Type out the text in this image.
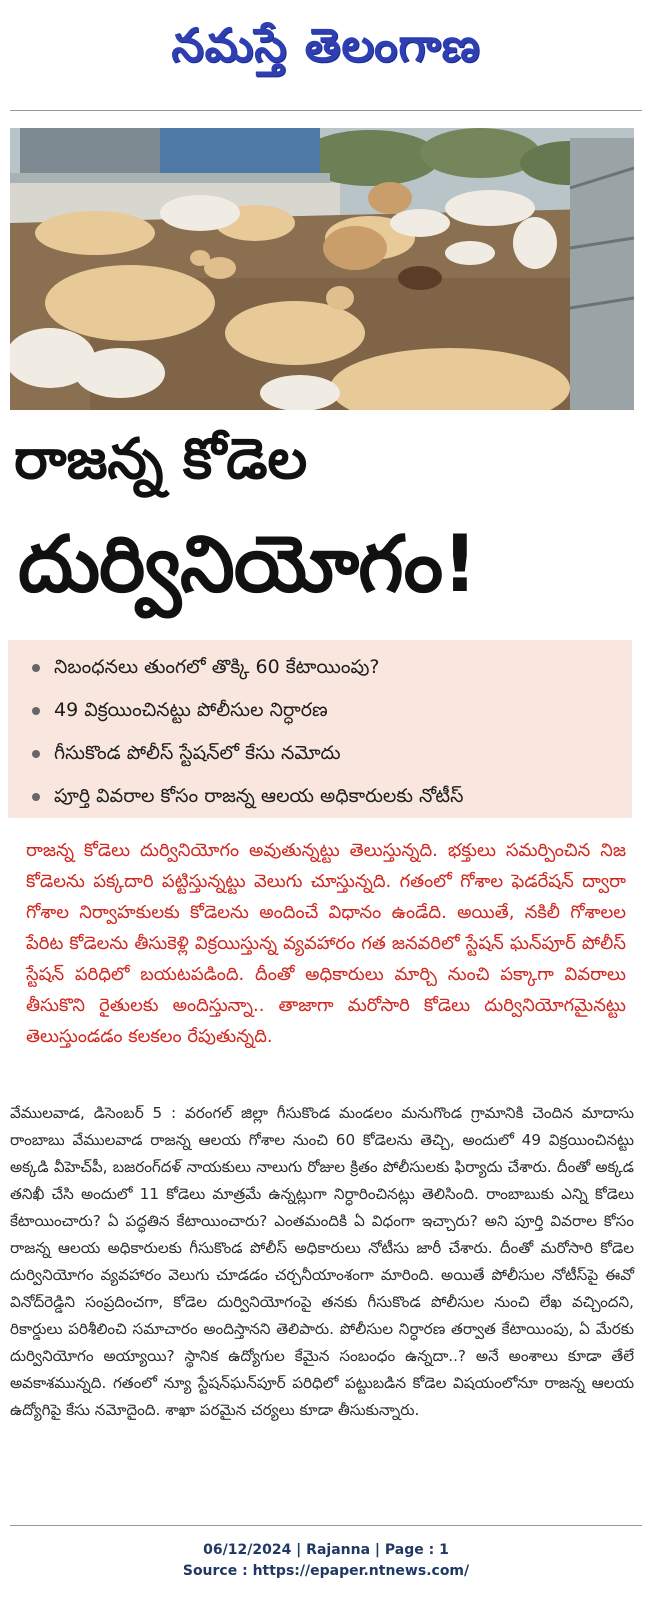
నమస్తే తెలంగాణ
రాజన్న కోడెల
దుర్వినియోగం!
నిబంధనలు తుంగలో తొక్కి 60 కేటాయింపు?
49 విక్రయించినట్టు పోలీసుల నిర్ధారణ
గీసుకొండ పోలీస్ స్టేషన్‌లో కేసు నమోదు
పూర్తి వివరాల కోసం రాజన్న ఆలయ అధికారులకు నోటీస్
రాజన్న కోడెలు దుర్వినియోగం అవుతున్నట్టు తెలుస్తున్నది. భక్తులు సమర్పించిన నిజ కోడెలను పక్కదారి పట్టిస్తున్నట్టు వెలుగు చూస్తున్నది. గతంలో గోశాల ఫెడరేషన్ ద్వారా గోశాల నిర్వాహకులకు కోడెలను అందించే విధానం ఉండేది. అయితే, నకిలీ గోశాలల పేరిట కోడెలను తీసుకెళ్లి విక్రయిస్తున్న వ్యవహారం గత జనవరిలో స్టేషన్ ఘన్‌పూర్ పోలీస్ స్టేషన్ పరిధిలో బయటపడింది. దీంతో అధికారులు మార్చి నుంచి పక్కాగా వివరాలు తీసుకొని రైతులకు అందిస్తున్నా.. తాజాగా మరోసారి కోడెలు దుర్వినియోగమైనట్టు తెలుస్తుండడం కలకలం రేపుతున్నది.
వేములవాడ, డిసెంబర్ 5 : వరంగల్ జిల్లా గీసుకొండ మండలం మనుగొండ గ్రామానికి చెందిన మాదాసు రాంబాబు వేములవాడ రాజన్న ఆలయ గోశాల నుంచి 60 కోడెలను తెచ్చి, అందులో 49 విక్రయించినట్టు అక్కడి వీహెచ్‌పీ, బజరంగ్‌దళ్ నాయకులు నాలుగు రోజుల క్రితం పోలీసులకు ఫిర్యాదు చేశారు. దీంతో అక్కడ తనిఖీ చేసి అందులో 11 కోడెలు మాత్రమే ఉన్నట్లుగా నిర్ధారించినట్లు తెలిసింది. రాంబాబుకు ఎన్ని కోడెలు కేటాయించారు? ఏ పద్ధతిన కేటాయించారు? ఎంతమందికి ఏ విధంగా ఇచ్చారు? అని పూర్తి వివరాల కోసం రాజన్న ఆలయ అధికారులకు గీసుకొండ పోలీస్ అధికారులు నోటీసు జారీ చేశారు. దీంతో మరోసారి కోడెల దుర్వినియోగం వ్యవహారం వెలుగు చూడడం చర్చనీయాంశంగా మారింది. అయితే పోలీసుల నోటీస్‌పై ఈవో వినోద్‌రెడ్డిని సంప్రదించగా, కోడెల దుర్వినియోగంపై తనకు గీసుకొండ పోలీసుల నుంచి లేఖ వచ్చిందని, రికార్డులు పరిశీలించి సమాచారం అందిస్తానని తెలిపారు. పోలీసుల నిర్ధారణ తర్వాత కేటాయింపు, ఏ మేరకు దుర్వినియోగం అయ్యాయి? స్థానిక ఉద్యోగుల కేమైన సంబంధం ఉన్నదా..? అనే అంశాలు కూడా తేలే అవకాశమున్నది. గతంలో న్యూ స్టేషన్‌ఘన్‌పూర్ పరిధిలో పట్టుబడిన కోడెల విషయంలోనూ రాజన్న ఆలయ ఉద్యోగిపై కేసు నమోదైంది. శాఖా పరమైన చర్యలు కూడా తీసుకున్నారు.
06/12/2024 | Rajanna | Page : 1
Source : https://epaper.ntnews.com/
